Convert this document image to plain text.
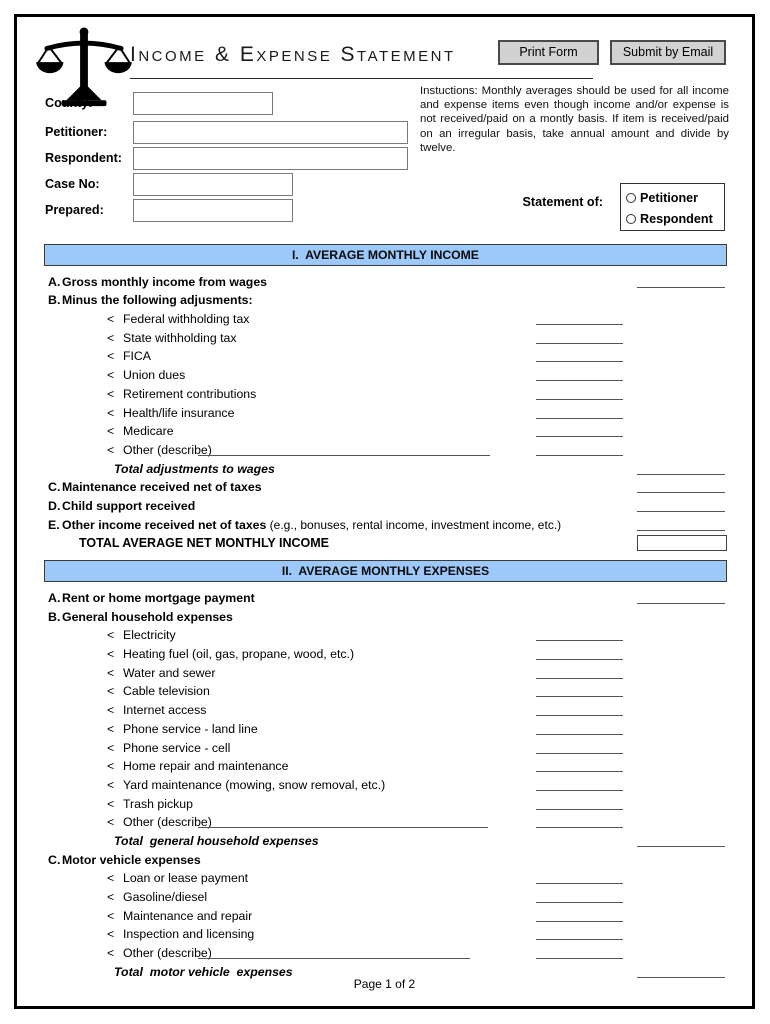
Income & Expense Statement	Print Form	Submit by Email
Instuctions: Monthly averages should be used for all income and expense items even though income and/or expense is not received/paid on a montly basis. If item is received/paid on an irregular basis, take annual amount and divide by twelve.
Statement of:	Petitioner
Respondent
I.  AVERAGE MONTHLY INCOME
A. Gross monthly income from wages
B. Minus the following adjusments:
< Federal withholding tax
< State withholding tax
< FICA
< Union dues
< Retirement contributions
< Health/life insurance
< Medicare
< Other (describe)
Total adjustments to wages
C. Maintenance received net of taxes
D. Child support received
E. Other income received net of taxes (e.g., bonuses, rental income, investment income, etc.)
TOTAL AVERAGE NET MONTHLY INCOME
II.  AVERAGE MONTHLY EXPENSES
A. Rent or home mortgage payment
B. General household expenses
< Electricity
< Heating fuel (oil, gas, propane, wood, etc.)
< Water and sewer
< Cable television
< Internet access
< Phone service - land line
< Phone service - cell
< Home repair and maintenance
< Yard maintenance (mowing, snow removal, etc.)
< Trash pickup
< Other (describe)
Total  general household expenses
C. Motor vehicle expenses
< Loan or lease payment
< Gasoline/diesel
< Maintenance and repair
< Inspection and licensing
< Other (describe)
Total  motor vehicle  expenses
Page 1 of 2
County:
Petitioner:
Respondent:
Case No:
Prepared:
